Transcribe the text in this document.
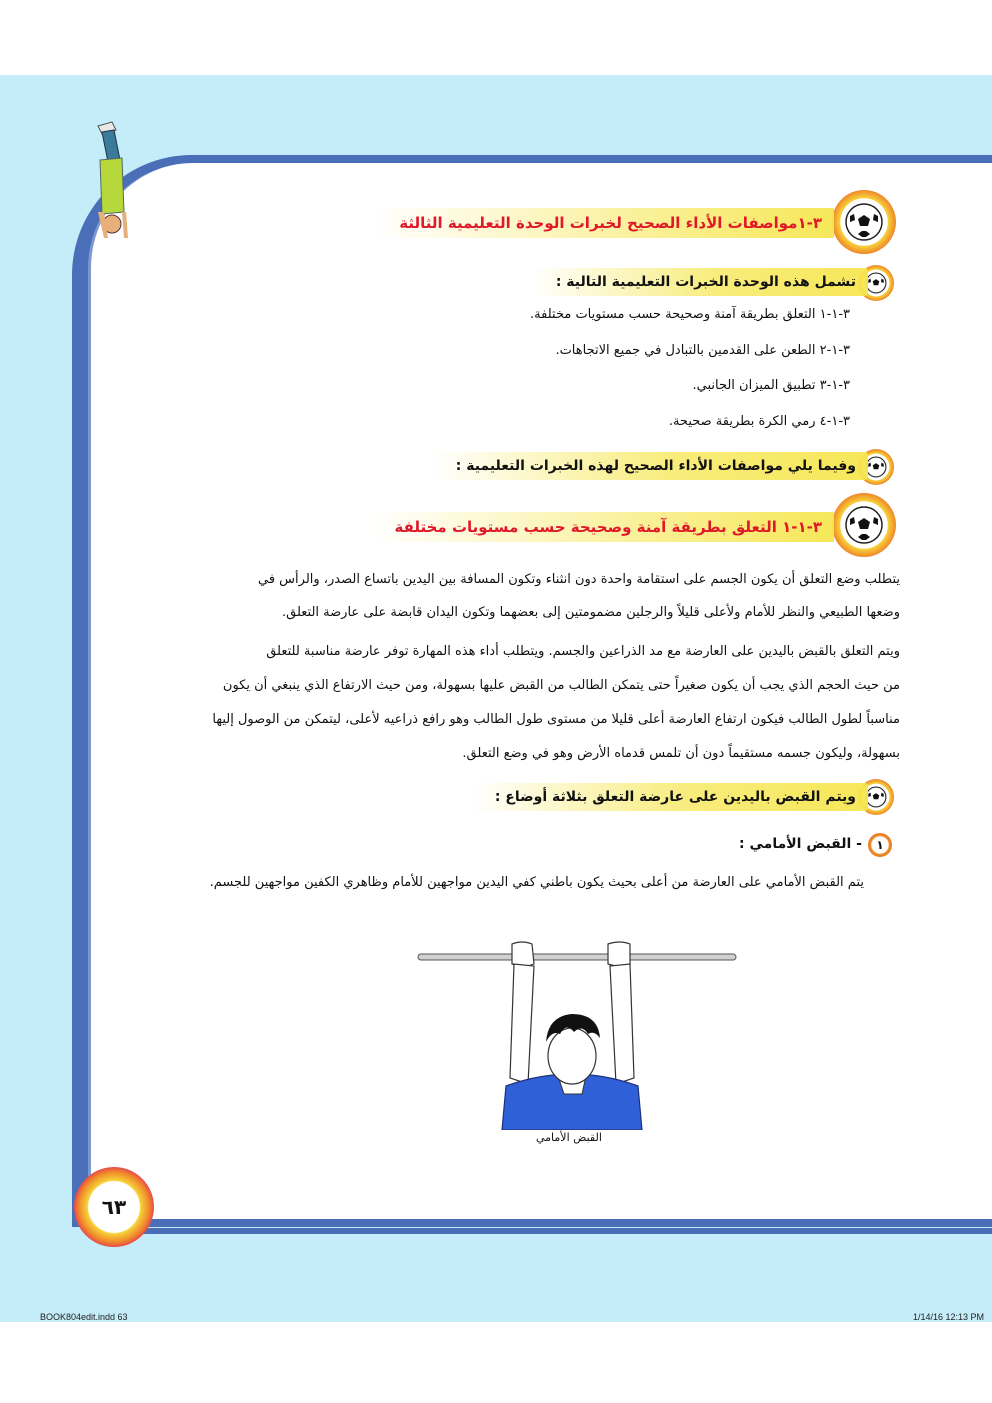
٣-١مواصفات الأداء الصحيح لخبرات الوحدة التعليمية الثالثة
تشمل هذه الوحدة الخبرات التعليمية التالية :
٣-١-١ التعلق بطريقة آمنة وصحيحة حسب مستويات مختلفة.
٣-١-٢ الطعن على القدمين بالتبادل في جميع الاتجاهات.
٣-١-٣ تطبيق الميزان الجانبي.
٣-١-٤ رمي الكرة بطريقة صحيحة.
وفيما يلي مواصفات الأداء الصحيح لهذه الخبرات التعليمية :
٣-١-١ التعلق بطريقة آمنة وصحيحة حسب مستويات مختلفة
يتطلب وضع التعلق أن يكون الجسم على استقامة واحدة دون انثناء وتكون المسافة بين اليدين باتساع الصدر، والرأس في
وضعها الطبيعي والنظر للأمام ولأعلى قليلاً والرجلين مضمومتين إلى بعضهما وتكون اليدان قابضة على عارضة التعلق.
ويتم التعلق بالقبض باليدين على العارضة مع مد الذراعين والجسم. ويتطلب أداء هذه المهارة توفر عارضة مناسبة للتعلق
من حيث الحجم الذي يجب أن يكون صغيراً حتى يتمكن الطالب من القبض عليها بسهولة، ومن حيث الارتفاع الذي ينبغي أن يكون
مناسباً لطول الطالب فيكون ارتفاع العارضة أعلى قليلا من مستوى طول الطالب وهو رافع ذراعيه لأعلى، ليتمكن من الوصول إليها
بسهولة، وليكون جسمه مستقيماً دون أن تلمس قدماه الأرض وهو في وضع التعلق.
ويتم القبض باليدين على عارضة التعلق بثلاثة أوضاع :
١
- القبض الأمامي :
يتم القبض الأمامي على العارضة من أعلى بحيث يكون باطني كفي اليدين مواجهين للأمام وظاهري الكفين مواجهين للجسم.
القبض الأمامي
٦٣
BOOK804edit.indd 63	1/14/16 12:13 PM
